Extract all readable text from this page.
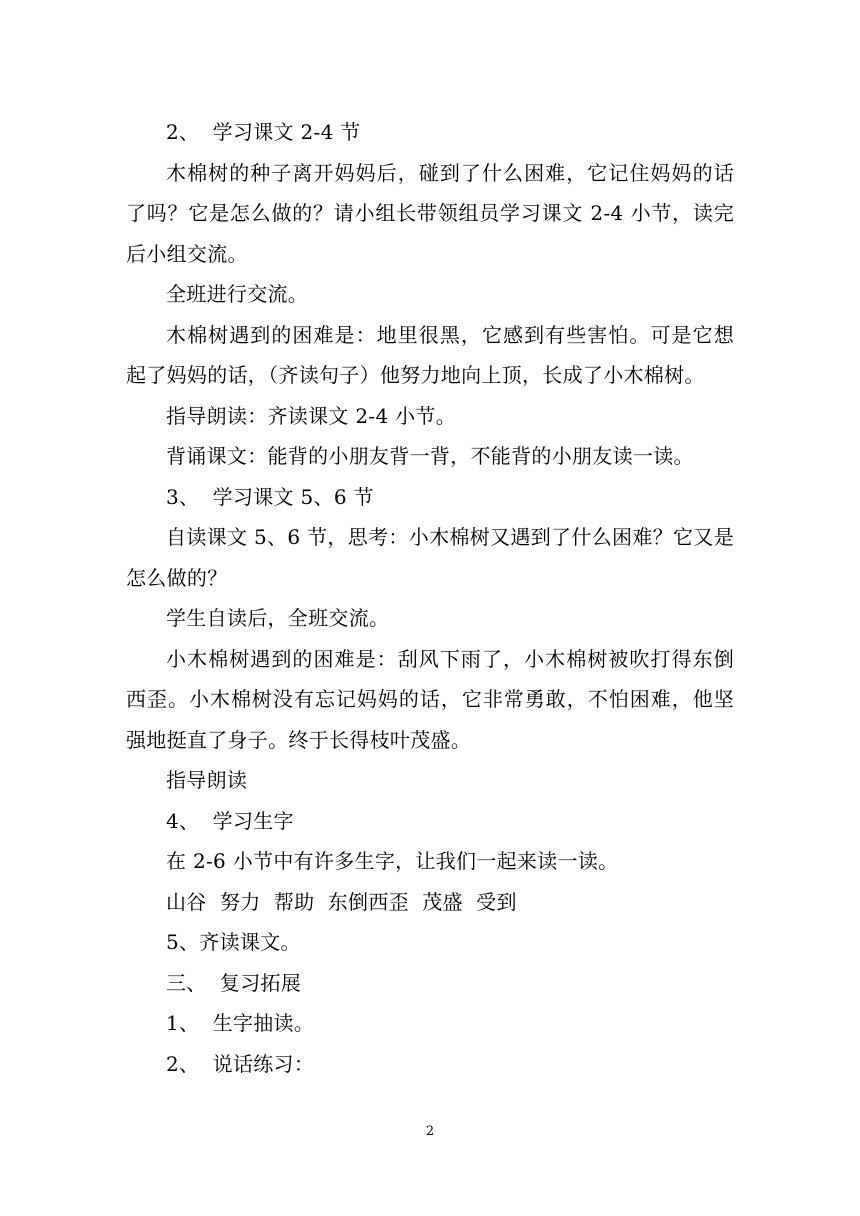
2、  学习课文 2-4 节

木棉树的种子离开妈妈后，碰到了什么困难，它记住妈妈的话了吗？它是怎么做的？请小组长带领组员学习课文 2-4 小节，读完后小组交流。

全班进行交流。

木棉树遇到的困难是：地里很黑，它感到有些害怕。可是它想起了妈妈的话，（齐读句子）他努力地向上顶，长成了小木棉树。

指导朗读：齐读课文 2-4 小节。

背诵课文：能背的小朋友背一背，不能背的小朋友读一读。

3、  学习课文 5、6 节

自读课文 5、6 节，思考：小木棉树又遇到了什么困难？它又是怎么做的？

学生自读后，全班交流。

小木棉树遇到的困难是：刮风下雨了，小木棉树被吹打得东倒西歪。小木棉树没有忘记妈妈的话，它非常勇敢，不怕困难，他坚强地挺直了身子。终于长得枝叶茂盛。

指导朗读

4、  学习生字

在 2-6 小节中有许多生字，让我们一起来读一读。

山谷  努力  帮助  东倒西歪  茂盛  受到

5、齐读课文。

三、  复习拓展

1、  生字抽读。

2、  说话练习：

2
